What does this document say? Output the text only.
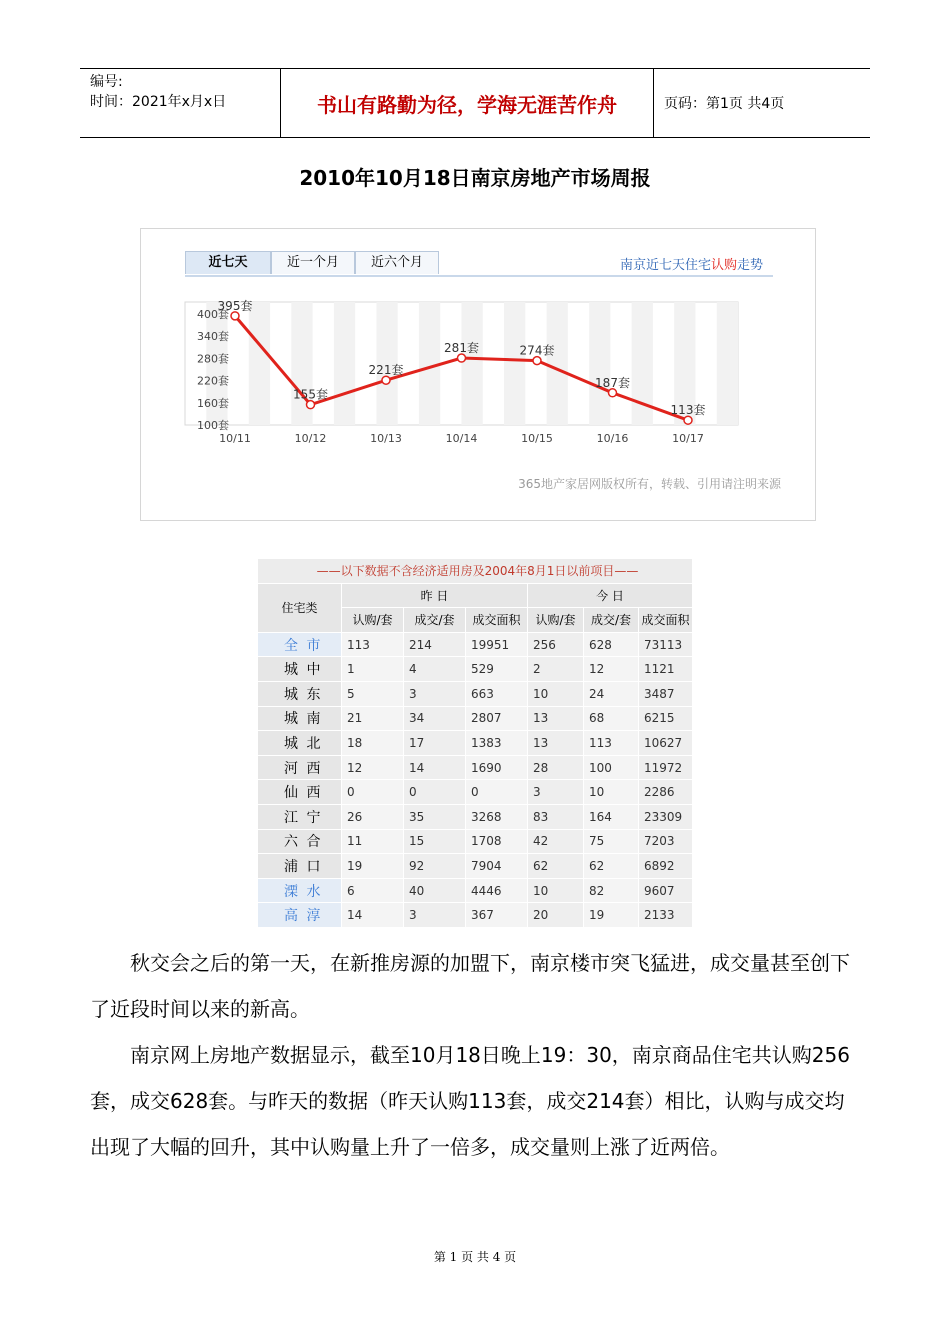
编号:
时间：2021年x月x日	书山有路勤为径，学海无涯苦作舟	页码：第1页 共4页
2010年10月18日南京房地产市场周报
近七天	近一个月	近六个月	南京近七天住宅认购走势
100套
160套
220套
280套
340套
400套
10/11	10/12	10/13	10/14	10/15	10/16	10/17
395套
155套
221套
281套	274套
187套
113套
365地产家居网版权所有，转载、引用请注明来源
——以下数据不含经济适用房及2004年8月1日以前项目——						
住宅类	昨 日			今 日		
	认购/套	成交/套	成交面积	认购/套	成交/套	成交面积
全 市	113	214	19951	256	628	73113
城 中	1	4	529	2	12	1121
城 东	5	3	663	10	24	3487
城 南	21	34	2807	13	68	6215
城 北	18	17	1383	13	113	10627
河 西	12	14	1690	28	100	11972
仙 西	0	0	0	3	10	2286
江 宁	26	35	3268	83	164	23309
六 合	11	15	1708	42	75	7203
浦 口	19	92	7904	62	62	6892
溧 水	6	40	4446	10	82	9607
高 淳	14	3	367	20	19	2133
秋交会之后的第一天，在新推房源的加盟下，南京楼市突飞猛进，成交量甚至创下了近段时间以来的新高。
南京网上房地产数据显示，截至10月18日晚上19：30，南京商品住宅共认购256套，成交628套。与昨天的数据（昨天认购113套，成交214套）相比，认购与成交均出现了大幅的回升，其中认购量上升了一倍多，成交量则上涨了近两倍。
第 1 页 共 4 页
